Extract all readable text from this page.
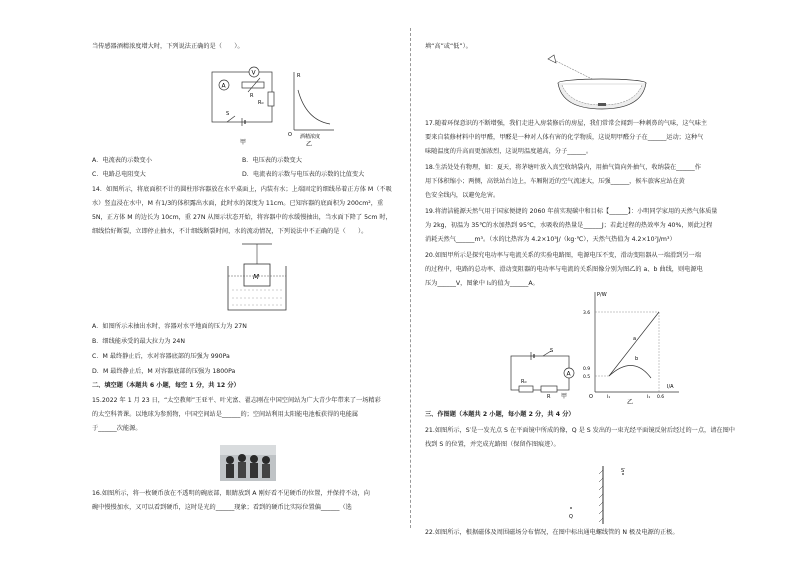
当传感器酒精浓度增大时，下列说法正确的是（　　）。
A
V
R
R₀
S
甲
R
O 酒精浓度
乙
A．电流表的示数变小	B．电压表的示数变大
C．电路总电阻变大	D．电流表的示数与电压表的示数的比值变大
14．如图所示，将底面积不计的圆柱形容器放在水平桌面上，内装有水；上端固定的细线吊着正方体 M（不吸
水）竖直浸在水中，M 有1/3的体积露出水面，此时水的深度为 11cm。已知容器的底面积为 200cm²，重
5N，正方体 M 的边长为 10cm，重 27N 从图示状态开始，将容器中的水缓慢抽出，当水面下降了 5cm 时，
细线恰好断裂，立即停止抽水，不计细线断裂时间，水的流动情况，下列说法中不正确的是（　　）。
M
A．如图所示未抽出水时，容器对水平地面的压力为 27N
B．细线能承受的最大拉力为 24N
C．M 最终静止后，水对容器底部的压强为 990Pa
D．M 最终静止后，M 对容器底部的压强为 1800Pa
二、填空题（本题共 6 小题，每空 1 分，共 12 分）
15.2022 年 1 月 23 日，“太空教师”王亚平、叶光富、翟志刚在中国空间站为广大青少年带来了一场精彩
的太空科普课。以地球为参照物，中国空间站是______的；空间站利用太阳能电池板获得的电能属
于______次能源。
16.如图所示，将一枚硬币放在不透明的碗底部，眼睛放到 A 刚好看不见硬币的位置，并保持不动，向
碗中慢慢加水，又可以看到硬币，这时是光的______现象；看到的硬币比实际位置偏______（选
填“高”或“低”）。
17.随着环保意识的不断增强，我们走进入房装修后的房屋，我们常常会闻到一种刺鼻的气味，这气味主
要来自装修材料中的甲醛，甲醛是一种对人体有害的化学物质，这说明甲醛分子在______运动；这种气
味随温度的升高而更加浓烈，这说明温度越高，分子______。
18.生活处处有物理，如：夏天，将茅塘叶放入真空收纳袋内，用抽气筒向外抽气，收纳袋在______作
用下体积缩小；两侧，高铁站台边上，车厢附近的空气流速大，压强______，候车旅客应站在黄
色安全线内，以避免危害。
19.将清洁能源天然气用于国家便捷的 2060 年前实现碳中和目标【______】：小明同学家用的天然气体质量
为 2kg，初温为 35℃的水加热到 95℃，水吸收的热量是______J；若此过程的热效率为 40%，则此过程
消耗天然气______m³。（水的比热容为 4.2×10³J/（kg·℃），天然气热值为 4.2×10⁷J/m³）
20.如图甲所示是探究电功率与电流关系的实验电路图，电源电压不变，滑动变阻器从一端滑到另一端
的过程中，电路的总功率、滑动变阻器的电功率与电流的关系图像分别为图乙的 a、b 曲线，则电源电
压为______V，图象中 I₁的值为______A。
S
A
R₀
R 甲
P/W
I/A
3.6
0.9
0.5
a
b
O	I₁	I₁ 0.6
乙
三、作图题（本题共 2 小题，每小题 2 分，共 4 分）
21.如图所示，S′是一发光点 S 在平面镜中所成的像，Q 是 S 发出的一束光经平面镜反射后经过的一点，请在图中
找到 S 的位置，并完成光路图（保留作图痕迹）。
S′
Q
22.如图所示，根据磁体及周围磁场分布情况，在图中标出通电螺线管的 N 极及电源的正极。
